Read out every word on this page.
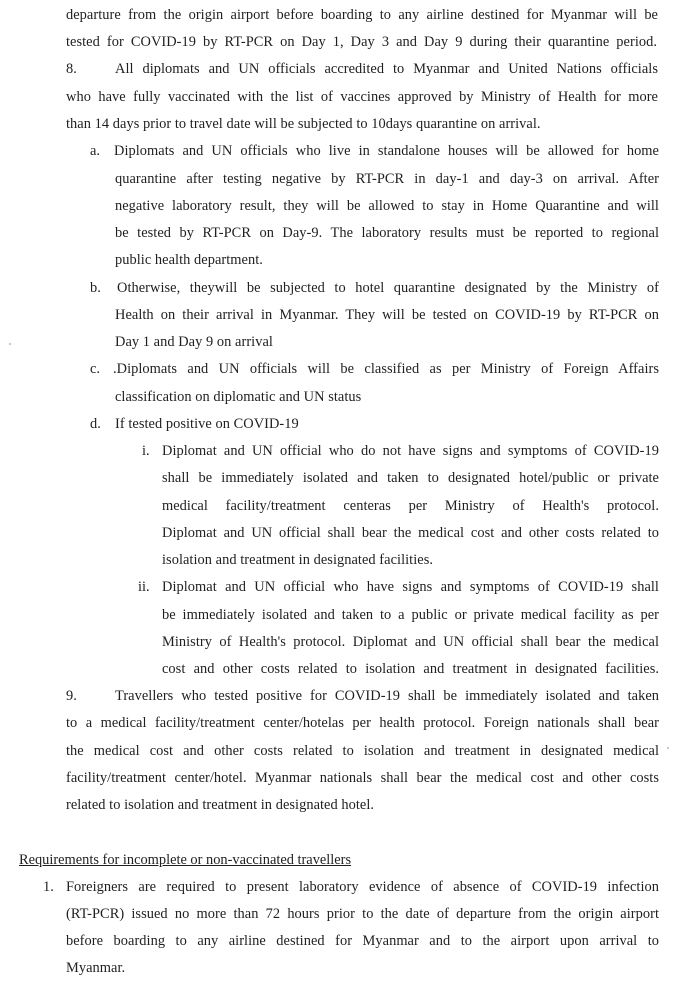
departure from the origin airport before boarding to any airline destined for Myanmar will be
tested for COVID-19 by RT-PCR on Day 1, Day 3 and Day 9 during their quarantine period.
8.	All diplomats and UN officials accredited to Myanmar and United Nations officials
who have fully vaccinated with the list of vaccines approved by Ministry of Health for more
than 14 days prior to travel date will be subjected to 10days quarantine on arrival.
a. Diplomats and UN officials who live in standalone houses will be allowed for home
quarantine after testing negative by RT-PCR in day-1 and day-3 on arrival. After
negative laboratory result, they will be allowed to stay in Home Quarantine and will
be tested by RT-PCR on Day-9. The laboratory results must be reported to regional
public health department.
b. Otherwise, theywill be subjected to hotel quarantine designated by the Ministry of
Health on their arrival in Myanmar. They will be tested on COVID-19 by RT-PCR on
Day 1 and Day 9 on arrival
c. .Diplomats and UN officials will be classified as per Ministry of Foreign Affairs
classification on diplomatic and UN status
d. If tested positive on COVID-19
i. Diplomat and UN official who do not have signs and symptoms of COVID-19
shall be immediately isolated and taken to designated hotel/public or private
medical facility/treatment centeras per Ministry of Health's protocol.
Diplomat and UN official shall bear the medical cost and other costs related to
isolation and treatment in designated facilities.
ii. Diplomat and UN official who have signs and symptoms of COVID-19 shall
be immediately isolated and taken to a public or private medical facility as per
Ministry of Health's protocol. Diplomat and UN official shall bear the medical
cost and other costs related to isolation and treatment in designated facilities.
9.	Travellers who tested positive for COVID-19 shall be immediately isolated and taken
to a medical facility/treatment center/hotelas per health protocol. Foreign nationals shall bear
the medical cost and other costs related to isolation and treatment in designated medical
facility/treatment center/hotel. Myanmar nationals shall bear the medical cost and other costs
related to isolation and treatment in designated hotel.
Requirements for incomplete or non-vaccinated travellers
1. Foreigners are required to present laboratory evidence of absence of COVID-19 infection
(RT-PCR) issued no more than 72 hours prior to the date of departure from the origin airport
before boarding to any airline destined for Myanmar and to the airport upon arrival to
Myanmar.
